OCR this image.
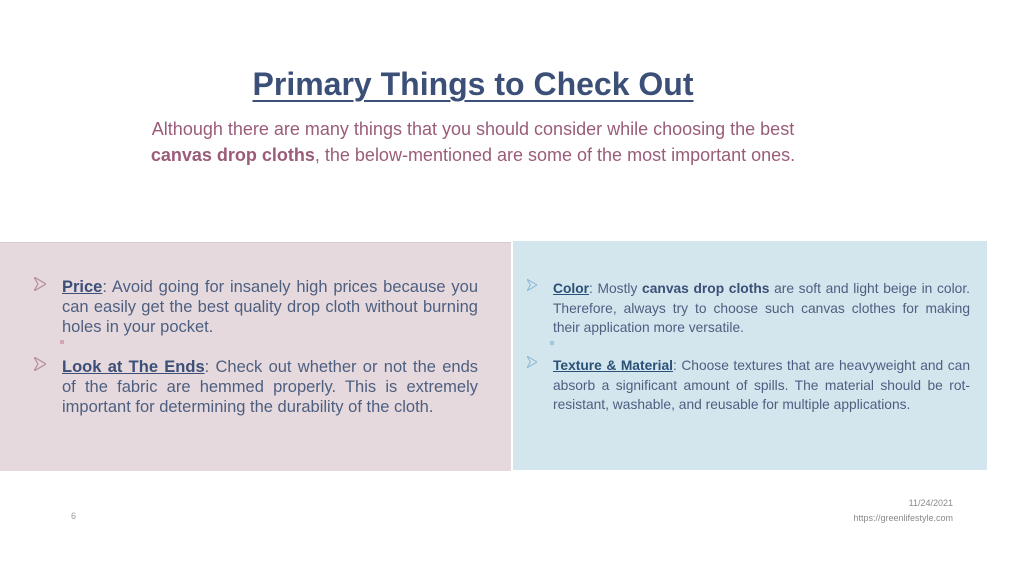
Primary Things to Check Out

Although there are many things that you should consider while choosing the best
canvas drop cloths, the below-mentioned are some of the most important ones.

Price: Avoid going for insanely high prices because you can easily get the best quality drop cloth without burning holes in your pocket.

Look at The Ends: Check out whether or not the ends of the fabric are hemmed properly. This is extremely important for determining the durability of the cloth.

Color: Mostly canvas drop cloths are soft and light beige in color. Therefore, always try to choose such canvas clothes for making their application more versatile.

Texture & Material: Choose textures that are heavyweight and can absorb a significant amount of spills. The material should be rot-resistant, washable, and reusable for multiple applications.

6
11/24/2021
https://greenlifestyle.com
